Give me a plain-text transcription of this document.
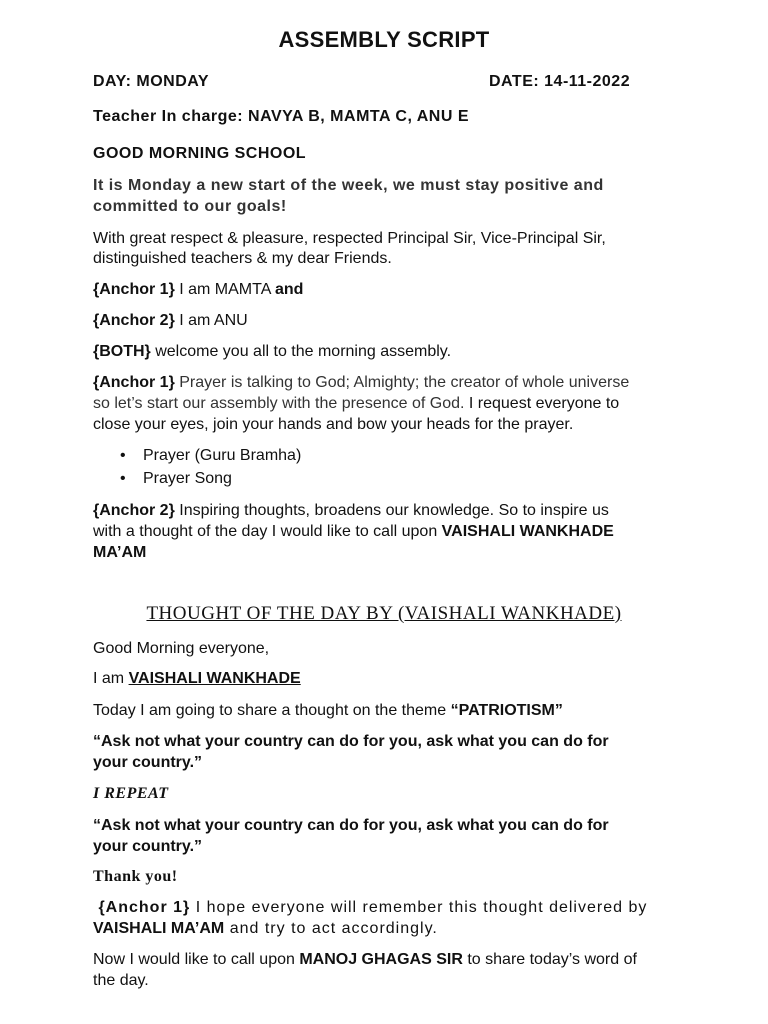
ASSEMBLY SCRIPT
DAY: MONDAY	DATE: 14-11-2022
Teacher In charge: NAVYA B, MAMTA C, ANU E
GOOD MORNING SCHOOL
It is Monday a new start of the week, we must stay positive and
committed to our goals!
With great respect & pleasure, respected Principal Sir, Vice-Principal Sir,
distinguished teachers & my dear Friends.
{Anchor 1} I am MAMTA and
{Anchor 2} I am ANU
{BOTH} welcome you all to the morning assembly.
{Anchor 1} Prayer is talking to God; Almighty; the creator of whole universe
so let’s start our assembly with the presence of God. I request everyone to
close your eyes, join your hands and bow your heads for the prayer.
• Prayer (Guru Bramha)
• Prayer Song
{Anchor 2} Inspiring thoughts, broadens our knowledge. So to inspire us
with a thought of the day I would like to call upon VAISHALI WANKHADE
MA’AM
THOUGHT OF THE DAY BY (VAISHALI WANKHADE)
Good Morning everyone,
I am VAISHALI WANKHADE
Today I am going to share a thought on the theme “PATRIOTISM”
“Ask not what your country can do for you, ask what you can do for
your country.”
I REPEAT
“Ask not what your country can do for you, ask what you can do for
your country.”
Thank you!
{Anchor 1} I hope everyone will remember this thought delivered by
VAISHALI MA’AM and try to act accordingly.
Now I would like to call upon MANOJ GHAGAS SIR to share today’s word of
the day.
